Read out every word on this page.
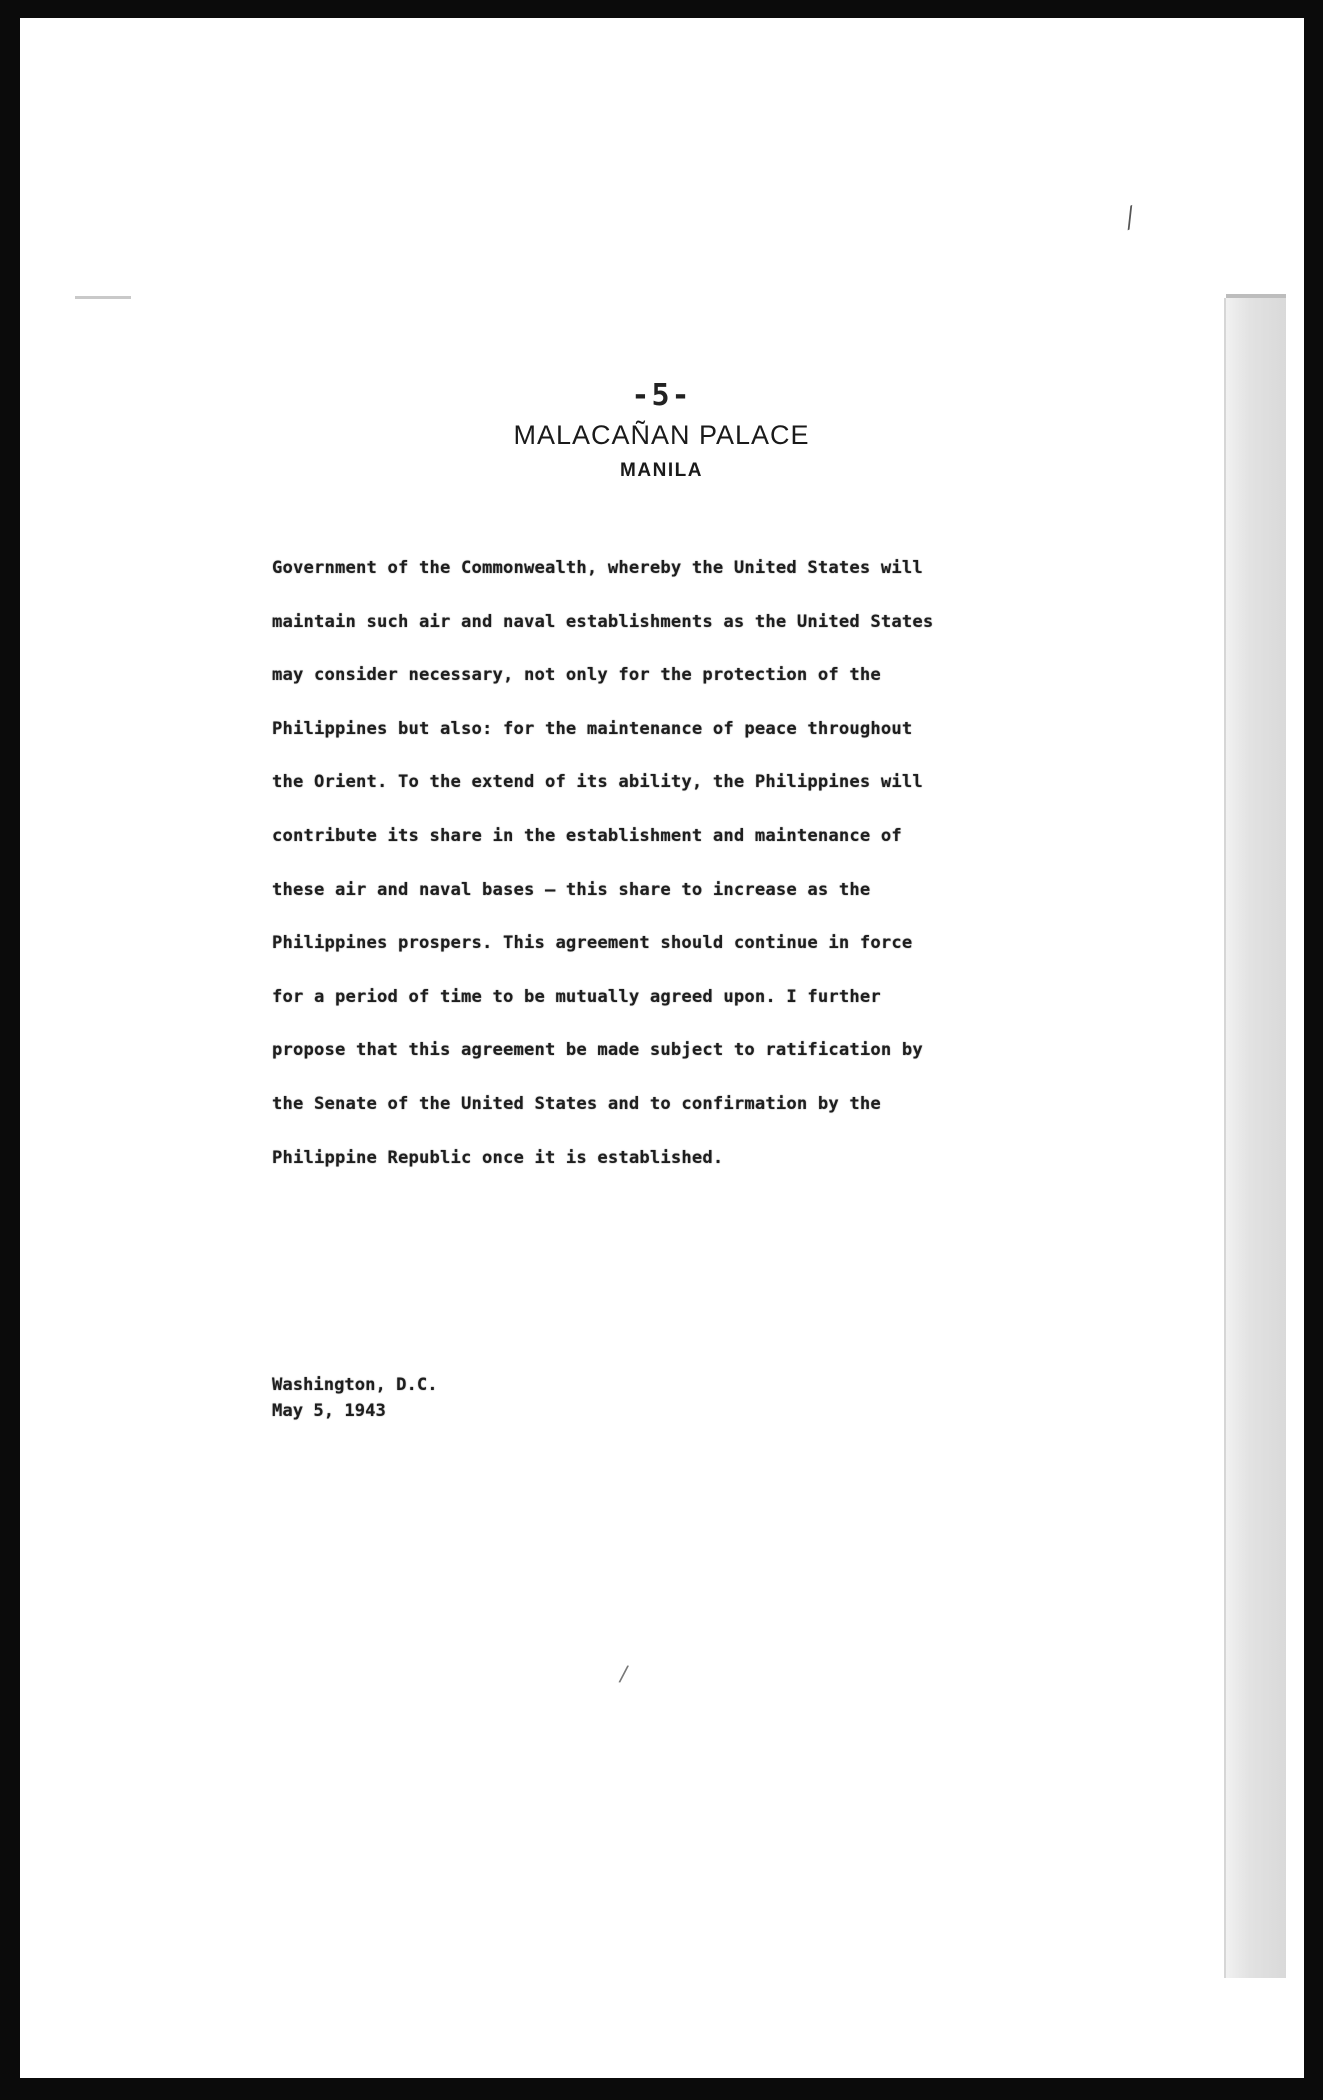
⁄
/
-5-
MALACAÑAN PALACE
MANILA
Government of the Commonwealth, whereby the United States will
maintain such air and naval establishments as the United States
may consider necessary, not only for the protection of the
Philippines but also: for the maintenance of peace throughout
the Orient. To the extend of its ability, the Philippines will
contribute its share in the establishment and maintenance of
these air and naval bases — this share to increase as the
Philippines prospers. This agreement should continue in force
for a period of time to be mutually agreed upon. I further
propose that this agreement be made subject to ratification by
the Senate of the United States and to confirmation by the
Philippine Republic once it is established.
Washington, D.C.
May 5, 1943
